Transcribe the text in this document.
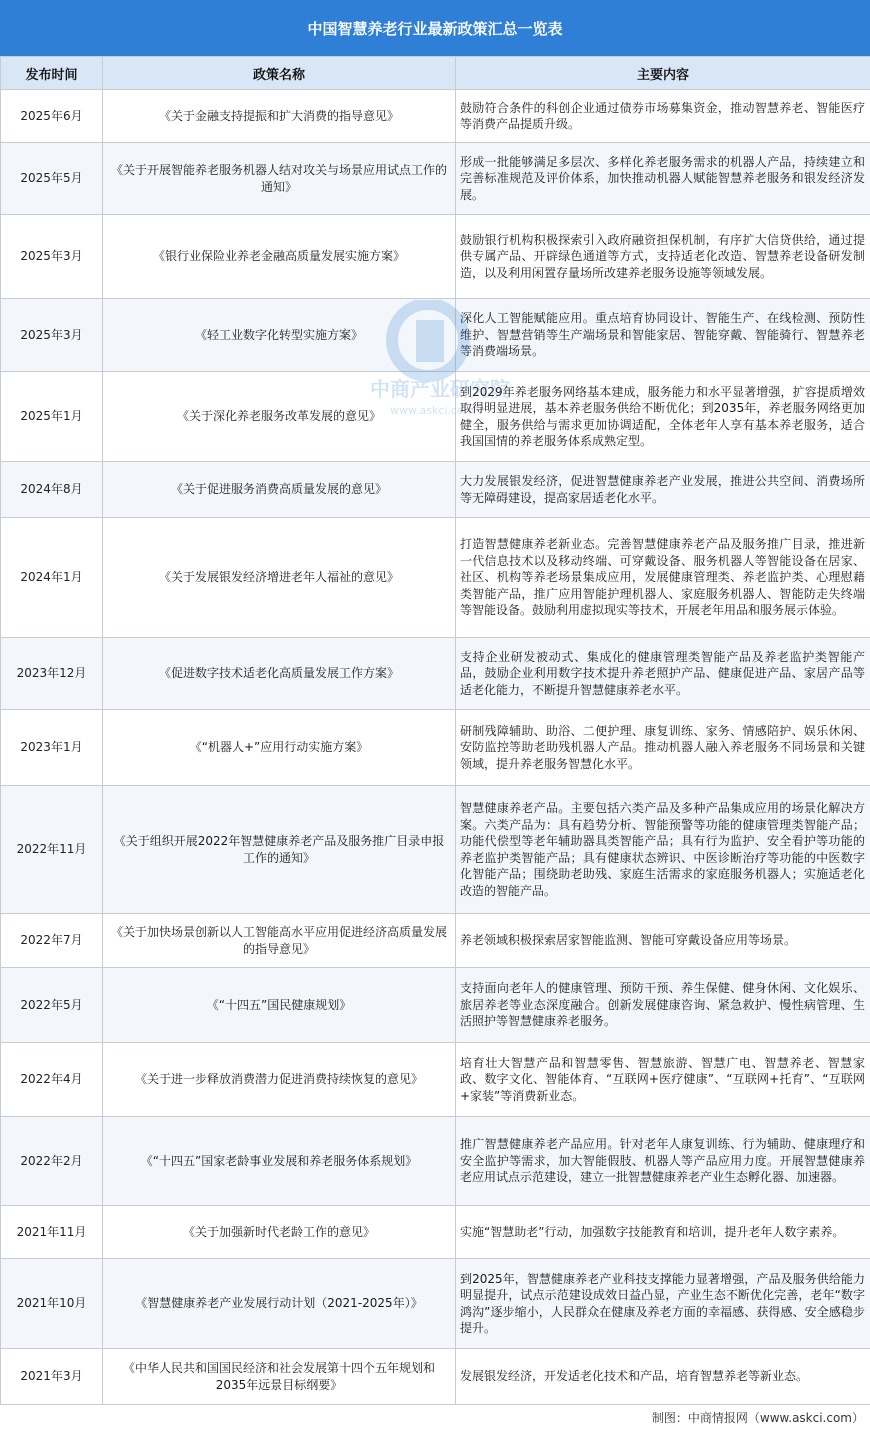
中国智慧养老行业最新政策汇总一览表
发布时间	政策名称	主要内容
2025年6月	《关于金融支持提振和扩大消费的指导意见》	鼓励符合条件的科创企业通过债券市场募集资金，推动智慧养老、智能医疗等消费产品提质升级。
2025年5月	《关于开展智能养老服务机器人结对攻关与场景应用试点工作的通知》	形成一批能够满足多层次、多样化养老服务需求的机器人产品，持续建立和完善标准规范及评价体系，加快推动机器人赋能智慧养老服务和银发经济发展。
2025年3月	《银行业保险业养老金融高质量发展实施方案》	鼓励银行机构积极探索引入政府融资担保机制，有序扩大信贷供给，通过提供专属产品、开辟绿色通道等方式，支持适老化改造、智慧养老设备研发制造，以及利用闲置存量场所改建养老服务设施等领域发展。
2025年3月	《轻工业数字化转型实施方案》	深化人工智能赋能应用。重点培育协同设计、智能生产、在线检测、预防性维护、智慧营销等生产端场景和智能家居、智能穿戴、智能骑行、智慧养老等消费端场景。
2025年1月	《关于深化养老服务改革发展的意见》	到2029年养老服务网络基本建成，服务能力和水平显著增强，扩容提质增效取得明显进展，基本养老服务供给不断优化；到2035年，养老服务网络更加健全，服务供给与需求更加协调适配，全体老年人享有基本养老服务，适合我国国情的养老服务体系成熟定型。
2024年8月	《关于促进服务消费高质量发展的意见》	大力发展银发经济，促进智慧健康养老产业发展，推进公共空间、消费场所等无障碍建设，提高家居适老化水平。
2024年1月	《关于发展银发经济增进老年人福祉的意见》	打造智慧健康养老新业态。完善智慧健康养老产品及服务推广目录，推进新一代信息技术以及移动终端、可穿戴设备、服务机器人等智能设备在居家、社区、机构等养老场景集成应用，发展健康管理类、养老监护类、心理慰藉类智能产品，推广应用智能护理机器人、家庭服务机器人、智能防走失终端等智能设备。鼓励利用虚拟现实等技术，开展老年用品和服务展示体验。
2023年12月	《促进数字技术适老化高质量发展工作方案》	支持企业研发被动式、集成化的健康管理类智能产品及养老监护类智能产品，鼓励企业利用数字技术提升养老照护产品、健康促进产品、家居产品等适老化能力，不断提升智慧健康养老水平。
2023年1月	《“机器人+”应用行动实施方案》	研制残障辅助、助浴、二便护理、康复训练、家务、情感陪护、娱乐休闲、安防监控等助老助残机器人产品。推动机器人融入养老服务不同场景和关键领域，提升养老服务智慧化水平。
2022年11月	《关于组织开展2022年智慧健康养老产品及服务推广目录申报工作的通知》	智慧健康养老产品。主要包括六类产品及多种产品集成应用的场景化解决方案。六类产品为：具有趋势分析、智能预警等功能的健康管理类智能产品；功能代偿型等老年辅助器具类智能产品；具有行为监护、安全看护等功能的养老监护类智能产品；具有健康状态辨识、中医诊断治疗等功能的中医数字化智能产品；围绕助老助残、家庭生活需求的家庭服务机器人；实施适老化改造的智能产品。
2022年7月	《关于加快场景创新以人工智能高水平应用促进经济高质量发展的指导意见》	养老领域积极探索居家智能监测、智能可穿戴设备应用等场景。
2022年5月	《“十四五”国民健康规划》	支持面向老年人的健康管理、预防干预、养生保健、健身休闲、文化娱乐、旅居养老等业态深度融合。创新发展健康咨询、紧急救护、慢性病管理、生活照护等智慧健康养老服务。
2022年4月	《关于进一步释放消费潜力促进消费持续恢复的意见》	培育壮大智慧产品和智慧零售、智慧旅游、智慧广电、智慧养老、智慧家政、数字文化、智能体育、“互联网+医疗健康”、“互联网+托育”、“互联网+家装”等消费新业态。
2022年2月	《“十四五”国家老龄事业发展和养老服务体系规划》	推广智慧健康养老产品应用。针对老年人康复训练、行为辅助、健康理疗和安全监护等需求，加大智能假肢、机器人等产品应用力度。开展智慧健康养老应用试点示范建设，建立一批智慧健康养老产业生态孵化器、加速器。
2021年11月	《关于加强新时代老龄工作的意见》	实施“智慧助老”行动，加强数字技能教育和培训，提升老年人数字素养。
2021年10月	《智慧健康养老产业发展行动计划（2021-2025年）》	到2025年，智慧健康养老产业科技支撑能力显著增强，产品及服务供给能力明显提升，试点示范建设成效日益凸显，产业生态不断优化完善，老年“数字鸿沟”逐步缩小，人民群众在健康及养老方面的幸福感、获得感、安全感稳步提升。
2021年3月	《中华人民共和国国民经济和社会发展第十四个五年规划和2035年远景目标纲要》	发展银发经济，开发适老化技术和产品，培育智慧养老等新业态。
中商产业研究院
www.askci.com
制图：中商情报网（www.askci.com）
